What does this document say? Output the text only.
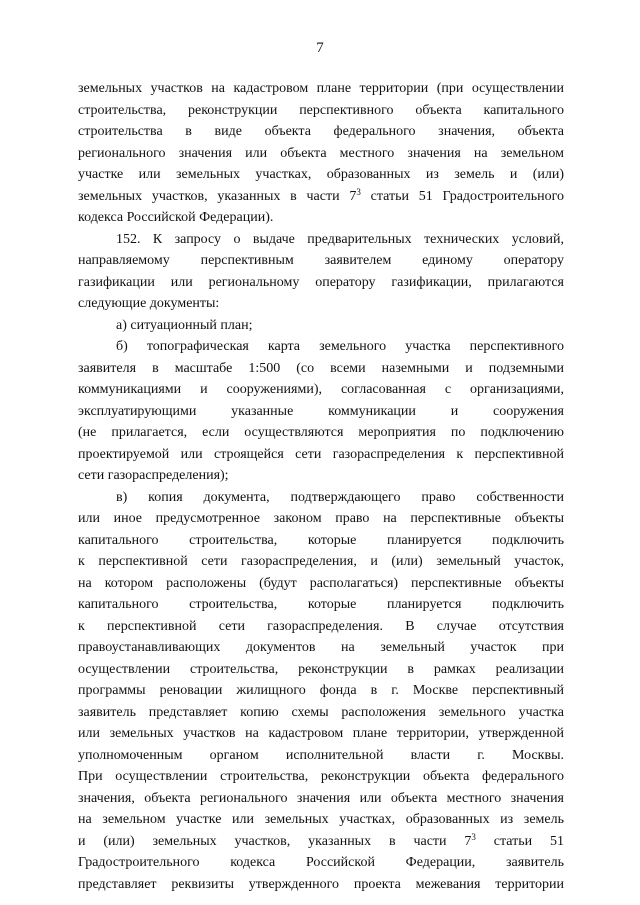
7
земельных участков на кадастровом плане территории (при осуществлении
строительства, реконструкции перспективного объекта капитального
строительства в виде объекта федерального значения, объекта
регионального значения или объекта местного значения на земельном
участке или земельных участках, образованных из земель и (или)
земельных участков, указанных в части $7^3$ статьи 51 Градостроительного
кодекса Российской Федерации).
152. К запросу о выдаче предварительных технических условий,
направляемому перспективным заявителем единому оператору
газификации или региональному оператору газификации, прилагаются
следующие документы:
а) ситуационный план;
б) топографическая карта земельного участка перспективного
заявителя в масштабе 1:500 (со всеми наземными и подземными
коммуникациями и сооружениями), согласованная с организациями,
эксплуатирующими указанные коммуникации и сооружения
(не прилагается, если осуществляются мероприятия по подключению
проектируемой или строящейся сети газораспределения к перспективной
сети газораспределения);
в) копия документа, подтверждающего право собственности
или иное предусмотренное законом право на перспективные объекты
капитального строительства, которые планируется подключить
к перспективной сети газораспределения, и (или) земельный участок,
на котором расположены (будут располагаться) перспективные объекты
капитального строительства, которые планируется подключить
к перспективной сети газораспределения. В случае отсутствия
правоустанавливающих документов на земельный участок при
осуществлении строительства, реконструкции в рамках реализации
программы реновации жилищного фонда в г. Москве перспективный
заявитель представляет копию схемы расположения земельного участка
или земельных участков на кадастровом плане территории, утвержденной
уполномоченным органом исполнительной власти г. Москвы.
При осуществлении строительства, реконструкции объекта федерального
значения, объекта регионального значения или объекта местного значения
на земельном участке или земельных участках, образованных из земель
и (или) земельных участков, указанных в части $7^3$ статьи 51
Градостроительного кодекса Российской Федерации, заявитель
представляет реквизиты утвержденного проекта межевания территории
